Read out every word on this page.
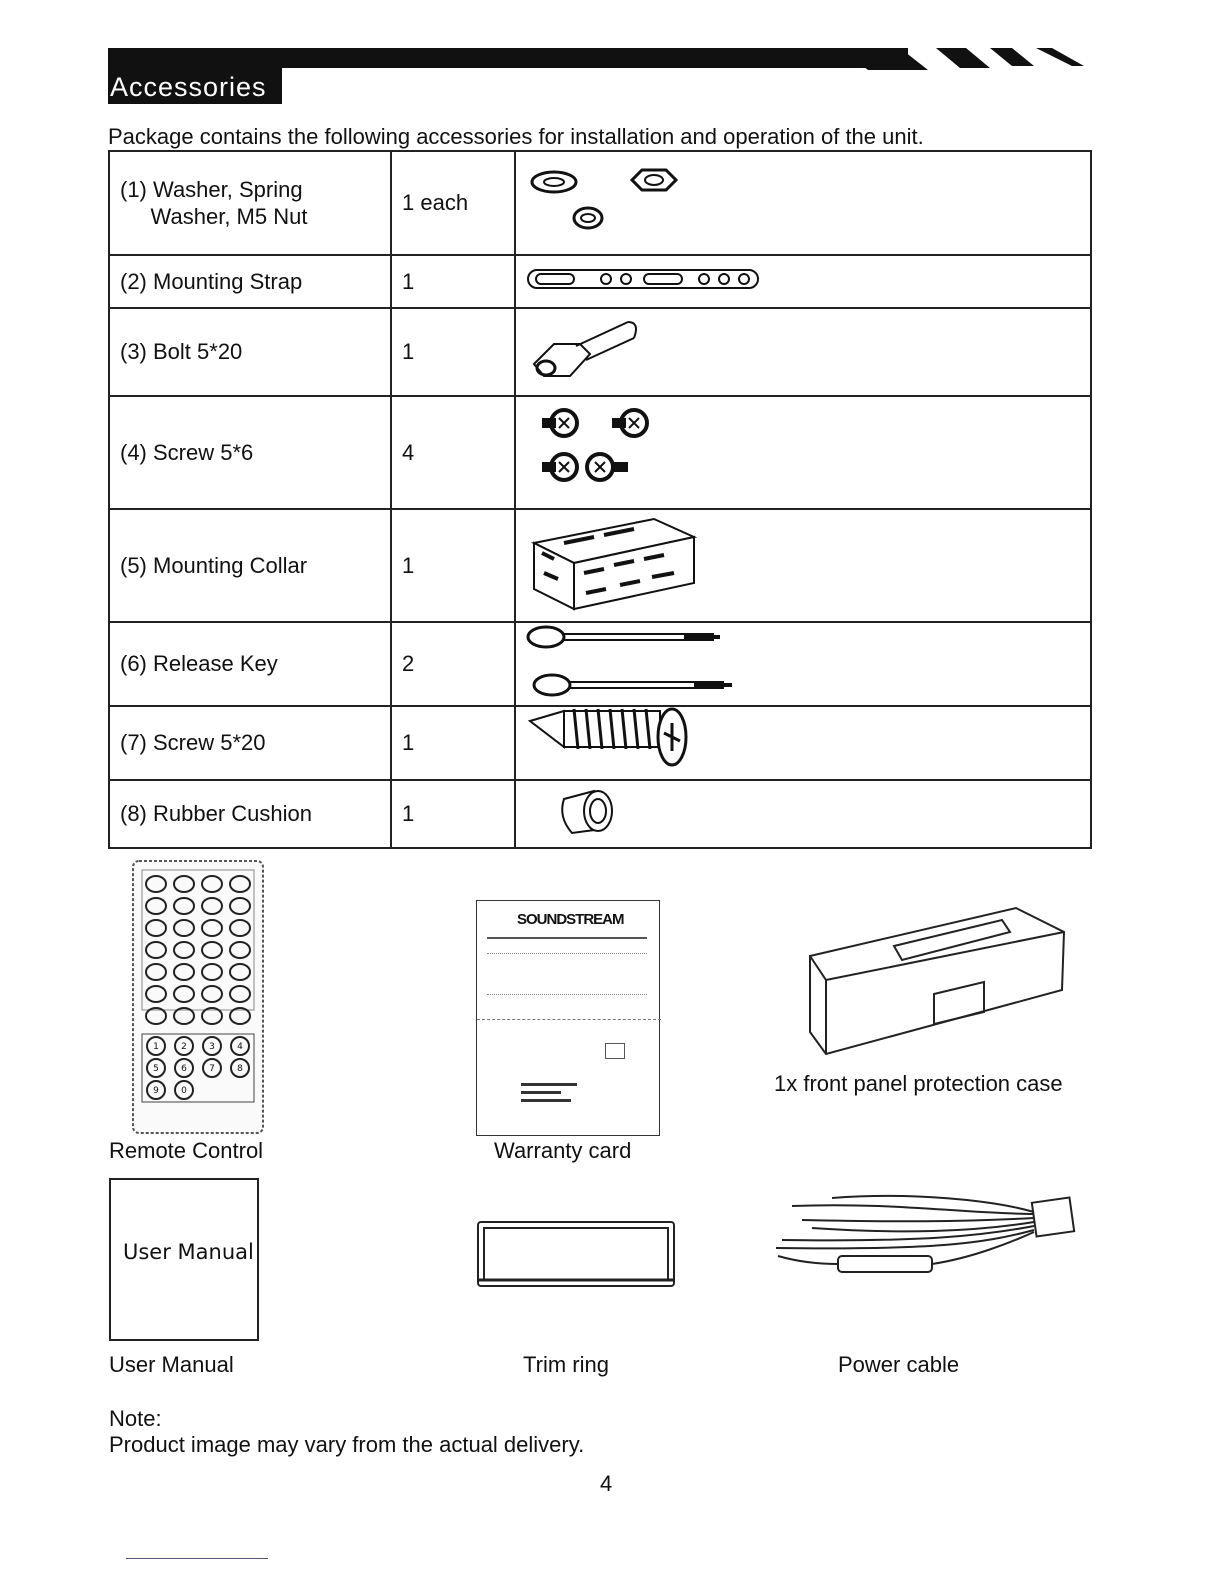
Accessories
Package contains the following accessories for installation and operation of the unit.
(1) Washer, Spring
Washer, M5 Nut	1 each	
(2) Mounting Strap	1	
(3) Bolt 5*20	1	
(4) Screw 5*6	4	
(5) Mounting Collar	1	
(6) Release Key	2	
(7) Screw 5*20	1	
(8) Rubber Cushion	1	
1 2 3 4
5 6 7 8
9 0
Remote Control
SOUNDSTREAM
Warranty card
1x front panel protection case
User Manual
User Manual	Trim ring	Power cable
Note:
Product image may vary from the actual delivery.
4
